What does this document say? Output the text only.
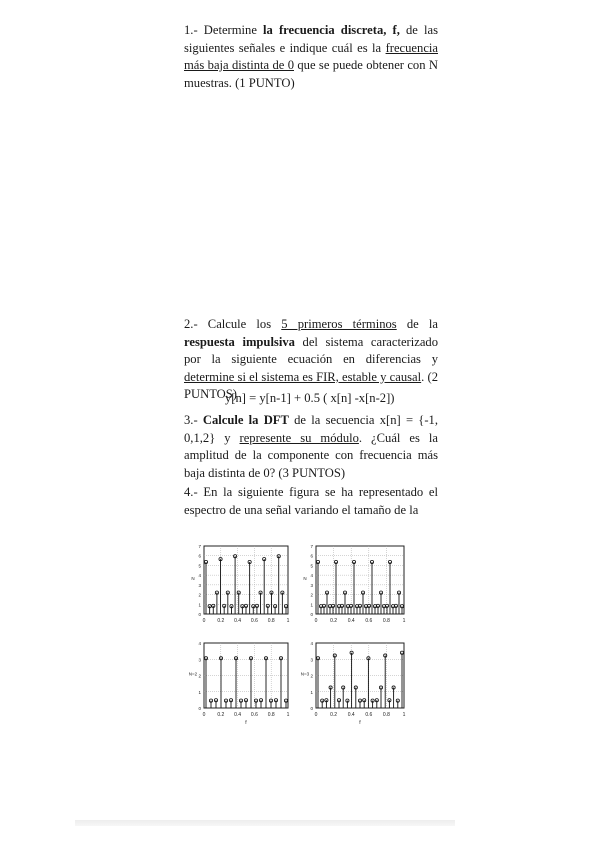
1.- Determine la frecuencia discreta, f, de las siguientes señales e indique cuál es la frecuencia más baja distinta de 0 que se puede obtener con N muestras. (1 PUNTO)
2.- Calcule los 5 primeros términos de la respuesta impulsiva del sistema caracterizado por la siguiente ecuación en diferencias y determine si el sistema es FIR, estable y causal. (2 PUNTOS)
y[n] = y[n-1] + 0.5 ( x[n] -x[n-2])
3.- Calcule la DFT de la secuencia x[n] = {-1, 0,1,2} y represente su módulo. ¿Cuál es la amplitud de la componente con frecuencia más baja distinta de 0? (3 PUNTOS)
4.- En la siguiente figura se ha representado el espectro de una señal variando el tamaño de la
0 0.2 0.4 0.6 0.8 1
0
1
2
3
4
5
6
7
N
0	0.2 0.4 0.6 0.8	1
0
1
2
3
4
5
6
7
N
0 0.2 0.4 0.6 0.8 1
0
1
2
3
4
N=2
f
0	0.2 0.4 0.6 0.8	1
0
1
2
3
4
N=3
f
